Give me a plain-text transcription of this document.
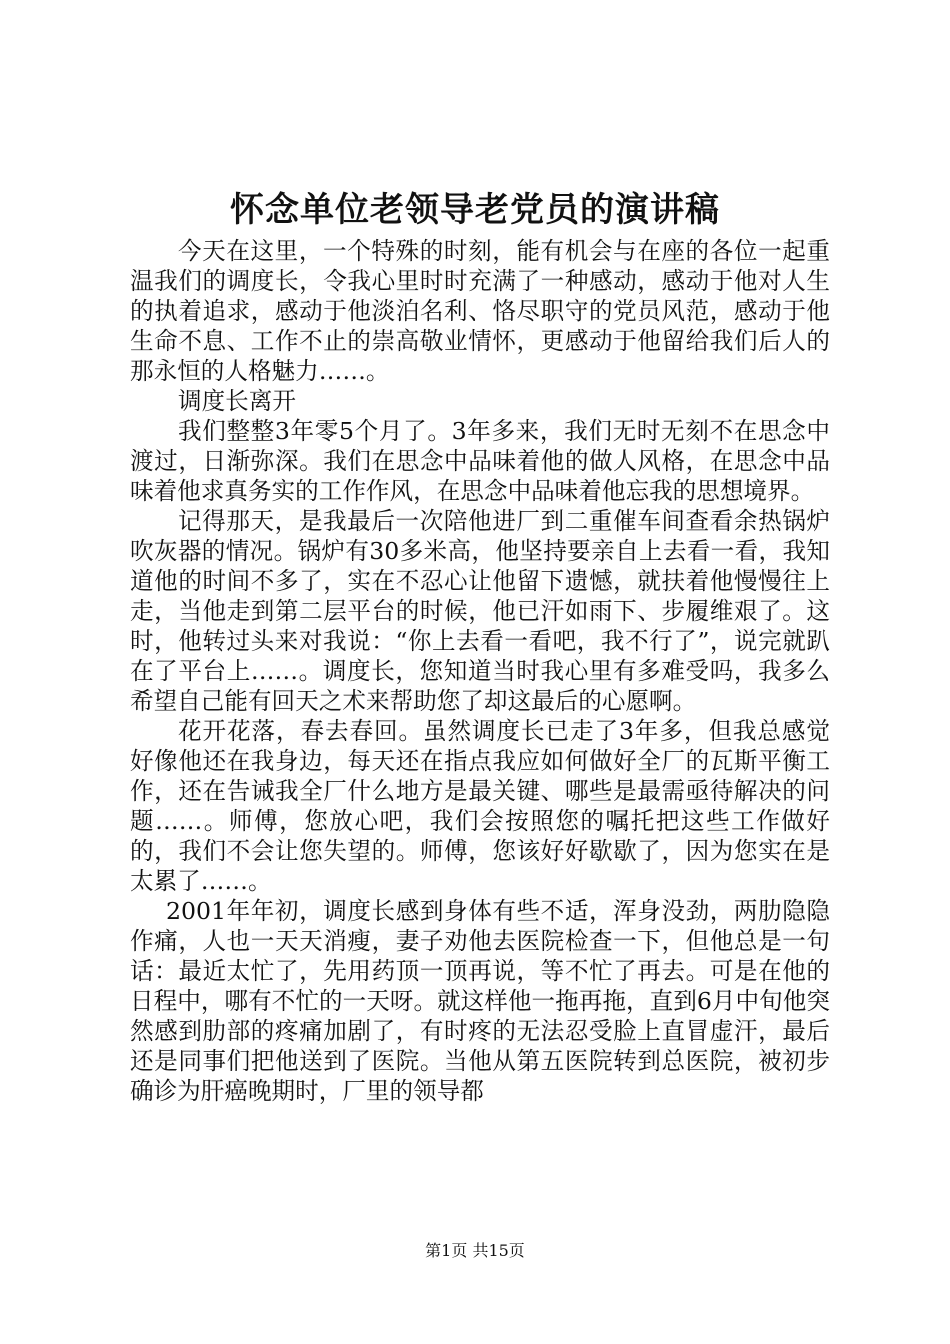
怀念单位老领导老党员的演讲稿

今天在这里，一个特殊的时刻，能有机会与在座的各位一起重温我们的调度长，令我心里时时充满了一种感动，感动于他对人生的执着追求，感动于他淡泊名利、恪尽职守的党员风范，感动于他生命不息、工作不止的崇高敬业情怀，更感动于他留给我们后人的那永恒的人格魅力……。

调度长离开

我们整整3年零5个月了。3年多来，我们无时无刻不在思念中渡过，日渐弥深。我们在思念中品味着他的做人风格，在思念中品味着他求真务实的工作作风，在思念中品味着他忘我的思想境界。

记得那天，是我最后一次陪他进厂到二重催车间查看余热锅炉吹灰器的情况。锅炉有30多米高，他坚持要亲自上去看一看，我知道他的时间不多了，实在不忍心让他留下遗憾，就扶着他慢慢往上走，当他走到第二层平台的时候，他已汗如雨下、步履维艰了。这时，他转过头来对我说：“你上去看一看吧，我不行了”，说完就趴在了平台上……。调度长，您知道当时我心里有多难受吗，我多么希望自己能有回天之术来帮助您了却这最后的心愿啊。

花开花落，春去春回。虽然调度长已走了3年多，但我总感觉好像他还在我身边，每天还在指点我应如何做好全厂的瓦斯平衡工作，还在告诫我全厂什么地方是最关键、哪些是最需亟待解决的问题……。师傅，您放心吧，我们会按照您的嘱托把这些工作做好的，我们不会让您失望的。师傅，您该好好歇歇了，因为您实在是太累了……。

2001年年初，调度长感到身体有些不适，浑身没劲，两肋隐隐作痛，人也一天天消瘦，妻子劝他去医院检查一下，但他总是一句话：最近太忙了，先用药顶一顶再说，等不忙了再去。可是在他的日程中，哪有不忙的一天呀。就这样他一拖再拖，直到6月中旬他突然感到肋部的疼痛加剧了，有时疼的无法忍受脸上直冒虚汗，最后还是同事们把他送到了医院。当他从第五医院转到总医院，被初步确诊为肝癌晚期时，厂里的领导都

第1页 共15页
